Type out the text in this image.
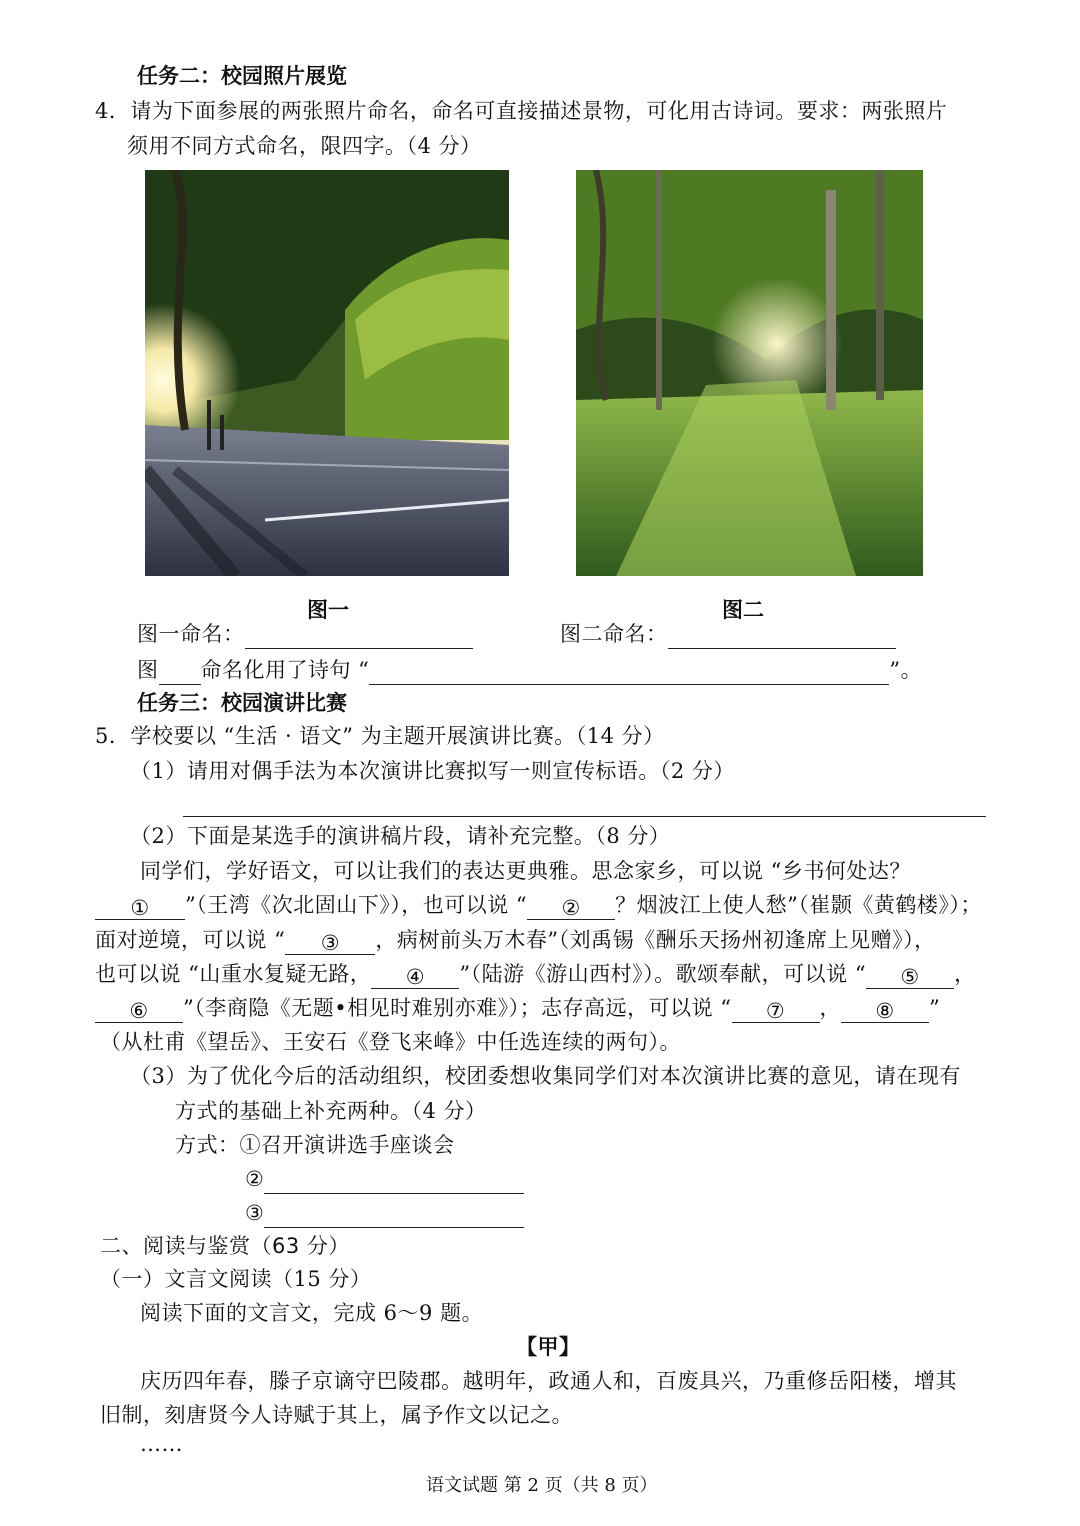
任务二：校园照片展览
4．请为下面参展的两张照片命名，命名可直接描述景物，可化用古诗词。要求：两张照片
须用不同方式命名，限四字。（4 分）
图一	图二
图一命名：	图二命名：
图 命名化用了诗句 “	”。
任务三：校园演讲比赛
5．学校要以 “生活 · 语文” 为主题开展演讲比赛。（14 分）
（1）请用对偶手法为本次演讲比赛拟写一则宣传标语。（2 分）
（2）下面是某选手的演讲稿片段，请补充完整。（8 分）
同学们，学好语文，可以让我们的表达更典雅。思念家乡，可以说 “乡书何处达？
① ”（王湾《次北固山下》），也可以说 “ ② ？烟波江上使人愁”（崔颢《黄鹤楼》）；
面对逆境，可以说 “ ③ ，病树前头万木春”（刘禹锡《酬乐天扬州初逢席上见赠》），
也可以说 “山重水复疑无路， ④ ”（陆游《游山西村》）。歌颂奉献，可以说 “ ⑤ ，
⑥ ”（李商隐《无题•相见时难别亦难》）；志存高远，可以说 “ ⑦ ， ⑧ ”
（从杜甫《望岳》、王安石《登飞来峰》中任选连续的两句）。
（3）为了优化今后的活动组织，校团委想收集同学们对本次演讲比赛的意见，请在现有
方式的基础上补充两种。（4 分）
方式：①召开演讲选手座谈会
②
③
二、阅读与鉴赏（63 分）
（一）文言文阅读（15 分）
阅读下面的文言文，完成 6～9 题。
【甲】
庆历四年春，滕子京谪守巴陵郡。越明年，政通人和，百废具兴，乃重修岳阳楼，增其
旧制，刻唐贤今人诗赋于其上，属予作文以记之。
……
语文试题 第 2 页（共 8 页）
